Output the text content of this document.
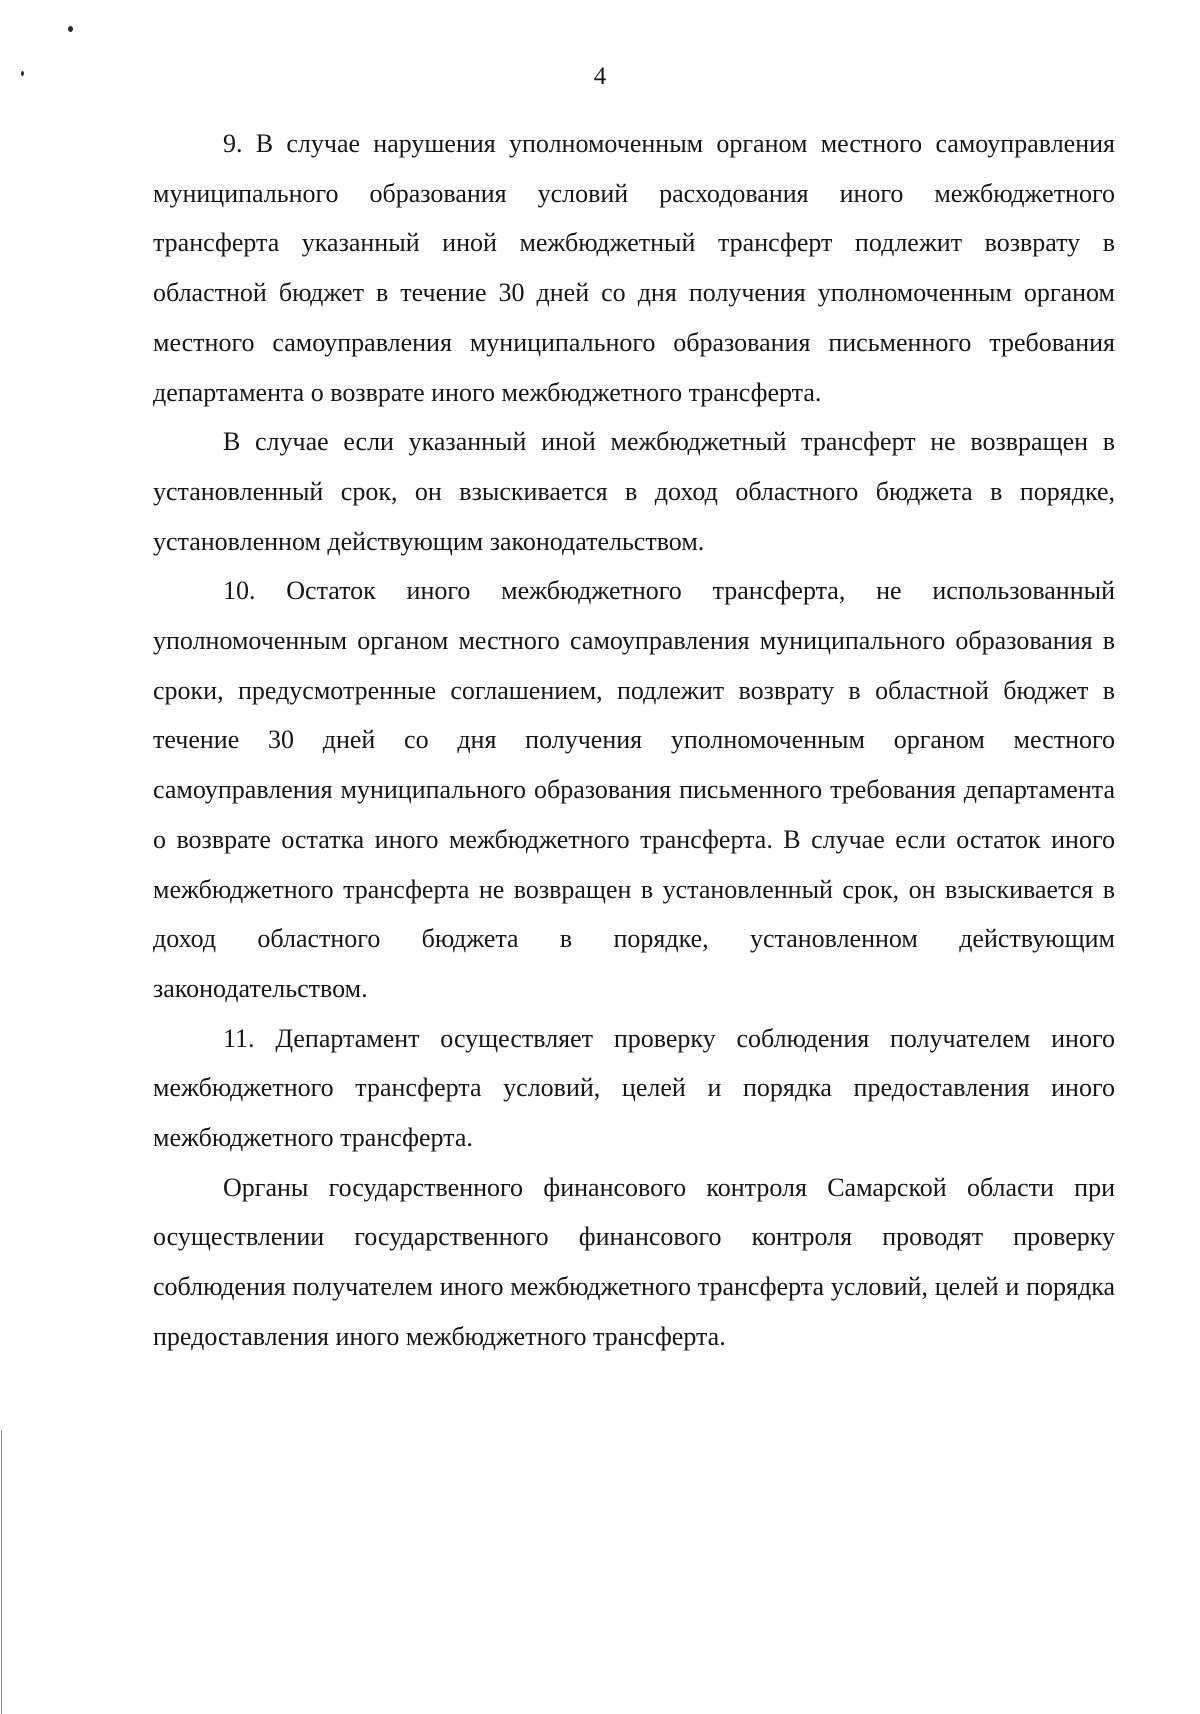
4

9. В случае нарушения уполномоченным органом местного самоуправления муниципального образования условий расходования иного межбюджетного трансферта указанный иной межбюджетный трансферт подлежит возврату в областной бюджет в течение 30 дней со дня получения уполномоченным органом местного самоуправления муниципального образования письменного требования департамента о возврате иного межбюджетного трансферта.

В случае если указанный иной межбюджетный трансферт не возвращен в установленный срок, он взыскивается в доход областного бюджета в порядке, установленном действующим законодательством.

10. Остаток иного межбюджетного трансферта, не использованный уполномоченным органом местного самоуправления муниципального образования в сроки, предусмотренные соглашением, подлежит возврату в областной бюджет в течение 30 дней со дня получения уполномоченным органом местного самоуправления муниципального образования письменного требования департамента о возврате остатка иного межбюджетного трансферта. В случае если остаток иного межбюджетного трансферта не возвращен в установленный срок, он взыскивается в доход областного бюджета в порядке, установленном действующим законодательством.

11. Департамент осуществляет проверку соблюдения получателем иного межбюджетного трансферта условий, целей и порядка предоставления иного межбюджетного трансферта.

Органы государственного финансового контроля Самарской области при осуществлении государственного финансового контроля проводят проверку соблюдения получателем иного межбюджетного трансферта условий, целей и порядка предоставления иного межбюджетного трансферта.
